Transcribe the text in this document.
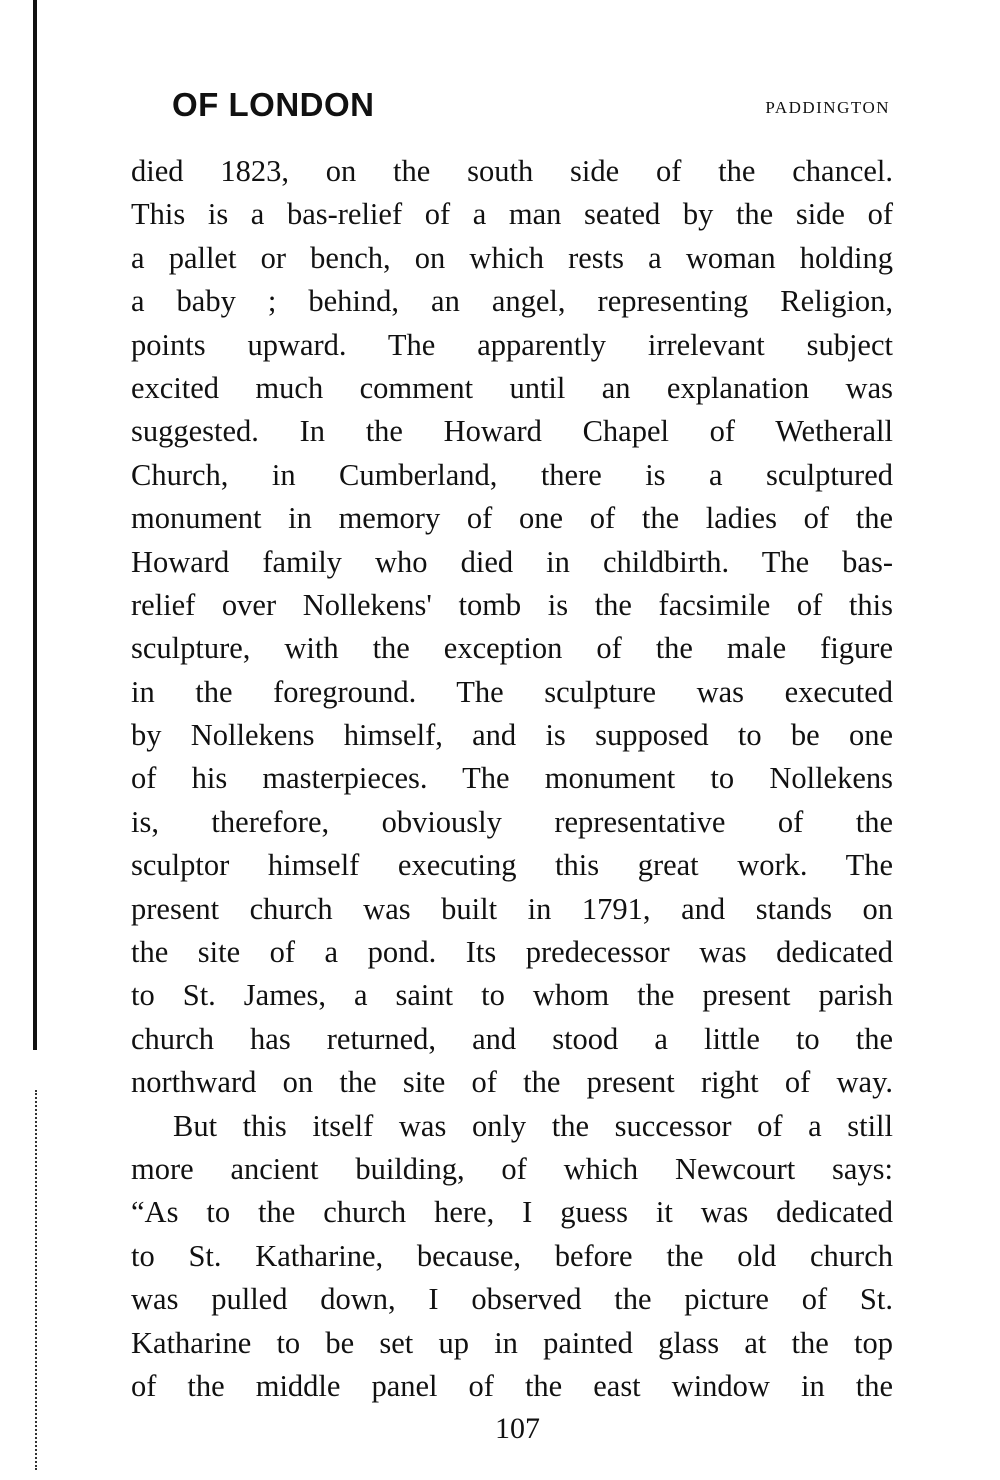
OF LONDON	PADDINGTON
died 1823, on the south side of the chancel.
This is a bas-relief of a man seated by the side of
a pallet or bench, on which rests a woman holding
a baby ; behind, an angel, representing Religion,
points upward. The apparently irrelevant subject
excited much comment until an explanation was
suggested. In the Howard Chapel of Wetherall
Church, in Cumberland, there is a sculptured
monument in memory of one of the ladies of the
Howard family who died in childbirth. The bas-
relief over Nollekens' tomb is the facsimile of this
sculpture, with the exception of the male figure
in the foreground. The sculpture was executed
by Nollekens himself, and is supposed to be one
of his masterpieces. The monument to Nollekens
is, therefore, obviously representative of the
sculptor himself executing this great work. The
present church was built in 1791, and stands on
the site of a pond. Its predecessor was dedicated
to St. James, a saint to whom the present parish
church has returned, and stood a little to the
northward on the site of the present right of way.
But this itself was only the successor of a still
more ancient building, of which Newcourt says:
“As to the church here, I guess it was dedicated
to St. Katharine, because, before the old church
was pulled down, I observed the picture of St.
Katharine to be set up in painted glass at the top
of the middle panel of the east window in the
107
